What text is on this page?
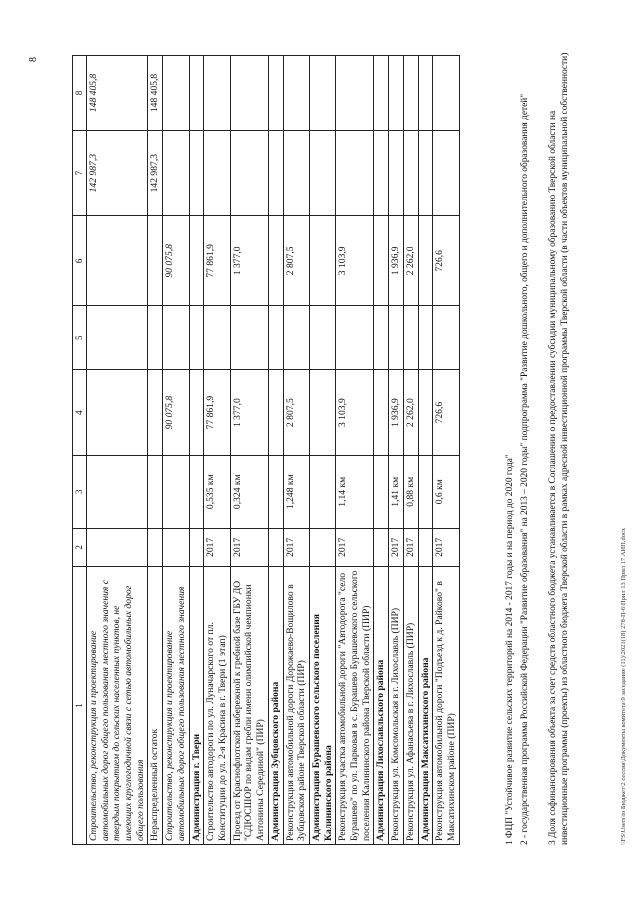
8
1	2	3	4	5	6	7	8
Строительство, реконструкция и проектирование автомобильных дорог общего пользования местного значения с твердым покрытием до сельских населенных пунктов, не имеющих круглогодичной связи с сетью автомобильных дорог общего пользования						142 987,3	148 405,8
Нераспределенный остаток						142 987,3	148 405,8
Строительство, реконструкция и проектирование автомобильных дорог общего пользования местного значения			90 075,8		90 075,8		
Администрация г. Твери							
Строительство автодороги по ул. Луначарского от пл. Конституции до ул. 2-я Красина в г. Твери (1 этап)	2017	0,535 км	77 861,9		77 861,9		
Проезд от Краснофлотской набережной к гребной базе ГБУ ДО "СДЮСШОР по видам гребли имени олимпийской чемпионки Антонины Серединой" (ПИР)	2017	0,324 км	1 377,0		1 377,0		
Администрация Зубцовского района							
Реконструкция автомобильной дороги Дорожаево-Вощилово в Зубцовском районе Тверской области (ПИР)	2017	1,248 км	2 807,5		2 807,5		
Администрация Бурашевского сельского поселения Калининского района							
Реконструкция участка автомобильной дороги "Автодорога "село Бурашево" по ул. Парковая в с. Бурашево Бурашевского сельского поселения Калининского района Тверской области (ПИР)	2017	1,14 км	3 103,9		3 103,9		
Администрация Лихославльского района							
Реконструкция ул. Комсомольская в г. Лихославль (ПИР)	2017	1,41 км	1 936,9		1 936,9		
Реконструкция ул. Афанасьева в г. Лихославль (ПИР)	2017	0,88 км	2 262,0		2 262,0		
Администрация Максатихинского района							
Реконструкция автомобильной дороги "Подъезд к д. Райково" в Максатихинском районе (ПИР)	2017	0,6 км	726,6		726,6		
1 ФЦП "Устойчивое развитие сельских территорий на 2014 - 2017 годы и на период до 2020 года" 2 - государственная программа Российской Федерации "Развитие образования" на 2013 – 2020 годы" подпрограмма "Развитие дошкольного, общего и дополнительного образования детей" 3 Доля софинансирования объекта за счет средств областного бюджета устанавливается в Соглашении о предоставлении субсидии муниципальному образованию Тверской области на инвестиционные программы (проекты) из областного бюджета Тверской области в рамках адресной инвестиционной программы Тверской области (в части объектов муниципальной собственности)	\\FS\Users\to Бюджет\2 сессия\Документы комитета\9 заседание (11)\2021(18) 278-П-6\Прил 13 Прил 17 АИП.docx
